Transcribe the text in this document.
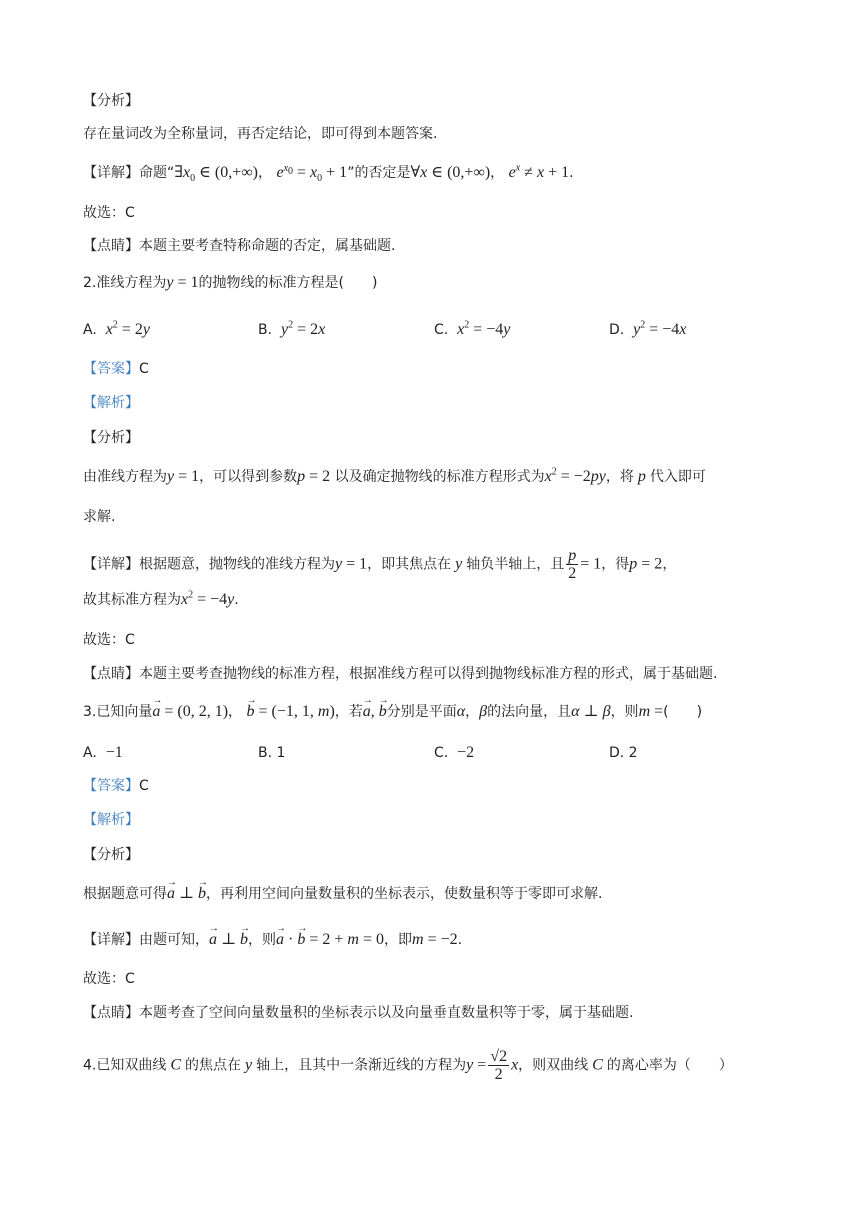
【分析】
存在量词改为全称量词，再否定结论，即可得到本题答案.
【详解】命题“$\exists x_0$ ∈ (0,+∞)， $e^{x_0} = x_0 + 1$”的否定是∀x ∈ (0,+∞)， $e^x \ne x + 1$.
故选：C
【点睛】本题主要考查特称命题的否定，属基础题.
2.准线方程为y = 1的抛物线的标准方程是(　　)
A. $x^2 = 2y$	B. $y^2 = 2x$	C. $x^2 = -4y$	D. $y^2 = -4x$
【答案】C
【解析】
【分析】
由准线方程为y = 1，可以得到参数p = 2 以及确定抛物线的标准方程形式为$x^2 = -2py$，将 p 代入即可
求解.
【详解】根据题意，抛物线的准线方程为y = 1，即其焦点在 y 轴负半轴上，且 $\frac{p}{2} = 1$，得p = 2，
故其标准方程为$x^2 = -4y$.
故选：C
【点睛】本题主要考查抛物线的标准方程，根据准线方程可以得到抛物线标准方程的形式，属于基础题.
3.已知向量→ a = (0, 2, 1)， → b = (−1, 1, m)，若→ a, → b分别是平面α，β的法向量，且α ⊥ β，则m =(　　)
A. −1	B. 1	C. −2	D. 2
【答案】C
【解析】
【分析】
根据题意可得→ a ⊥ → b，再利用空间向量数量积的坐标表示，使数量积等于零即可求解.
【详解】由题可知，→ a ⊥ → b，则→ a · → b = 2 + m = 0，即m = −2.
故选：C
【点睛】本题考查了空间向量数量积的坐标表示以及向量垂直数量积等于零，属于基础题.
4.已知双曲线 C 的焦点在 y 轴上，且其中一条渐近线的方程为$y = \frac{√2}{2}$ x，则双曲线 C 的离心率为（　　）
